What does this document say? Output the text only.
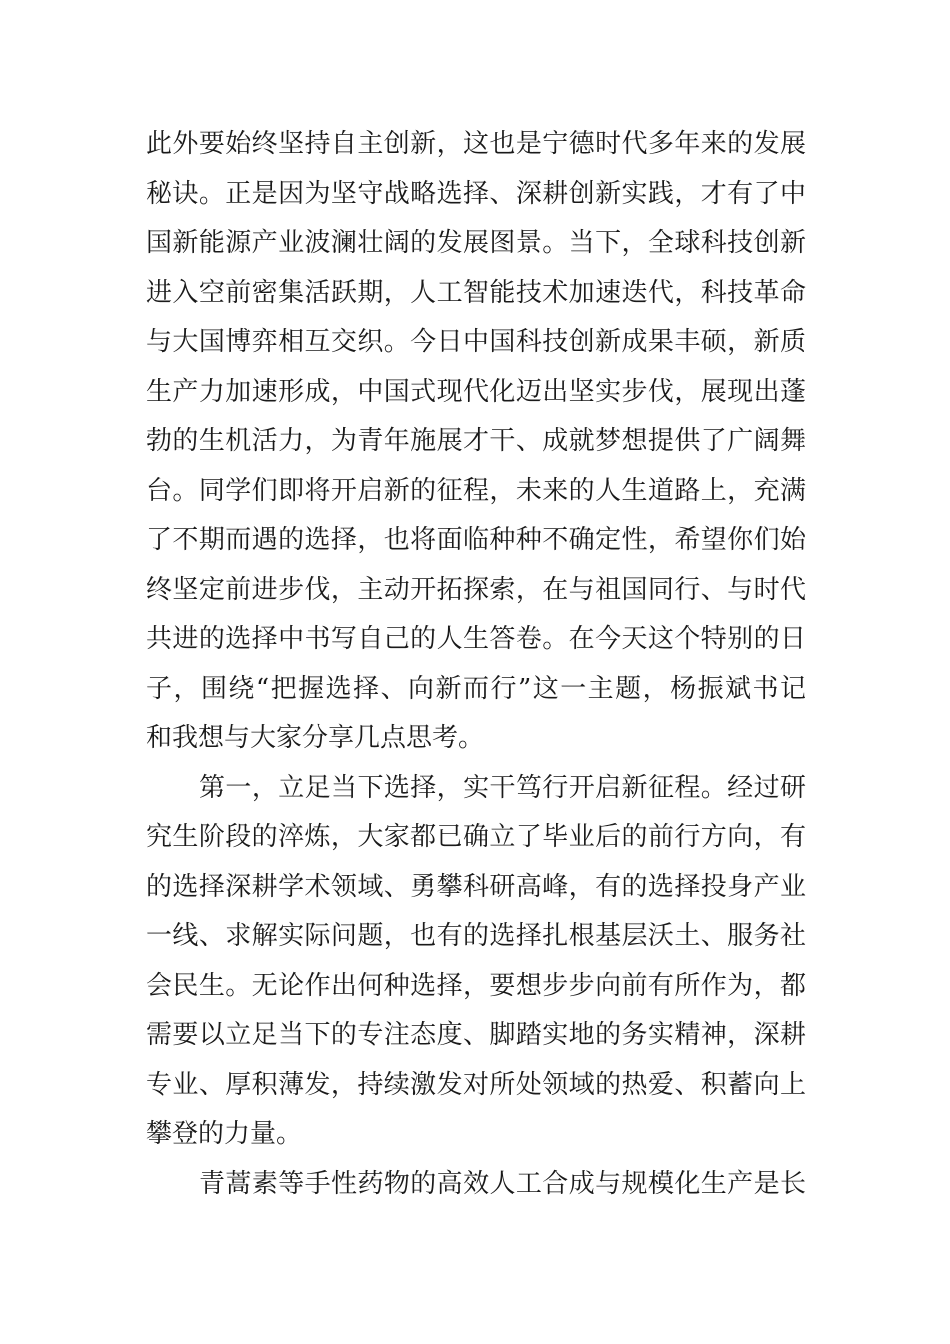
此外要始终坚持自主创新，这也是宁德时代多年来的发展
秘诀。正是因为坚守战略选择、深耕创新实践，才有了中
国新能源产业波澜壮阔的发展图景。当下，全球科技创新
进入空前密集活跃期，人工智能技术加速迭代，科技革命
与大国博弈相互交织。今日中国科技创新成果丰硕，新质
生产力加速形成，中国式现代化迈出坚实步伐，展现出蓬
勃的生机活力，为青年施展才干、成就梦想提供了广阔舞
台。同学们即将开启新的征程，未来的人生道路上，充满
了不期而遇的选择，也将面临种种不确定性，希望你们始
终坚定前进步伐，主动开拓探索，在与祖国同行、与时代
共进的选择中书写自己的人生答卷。在今天这个特别的日
子，围绕“把握选择、向新而行”这一主题，杨振斌书记
和我想与大家分享几点思考。
第一，立足当下选择，实干笃行开启新征程。经过研
究生阶段的淬炼，大家都已确立了毕业后的前行方向，有
的选择深耕学术领域、勇攀科研高峰，有的选择投身产业
一线、求解实际问题，也有的选择扎根基层沃土、服务社
会民生。无论作出何种选择，要想步步向前有所作为，都
需要以立足当下的专注态度、脚踏实地的务实精神，深耕
专业、厚积薄发，持续激发对所处领域的热爱、积蓄向上
攀登的力量。
青蒿素等手性药物的高效人工合成与规模化生产是长
